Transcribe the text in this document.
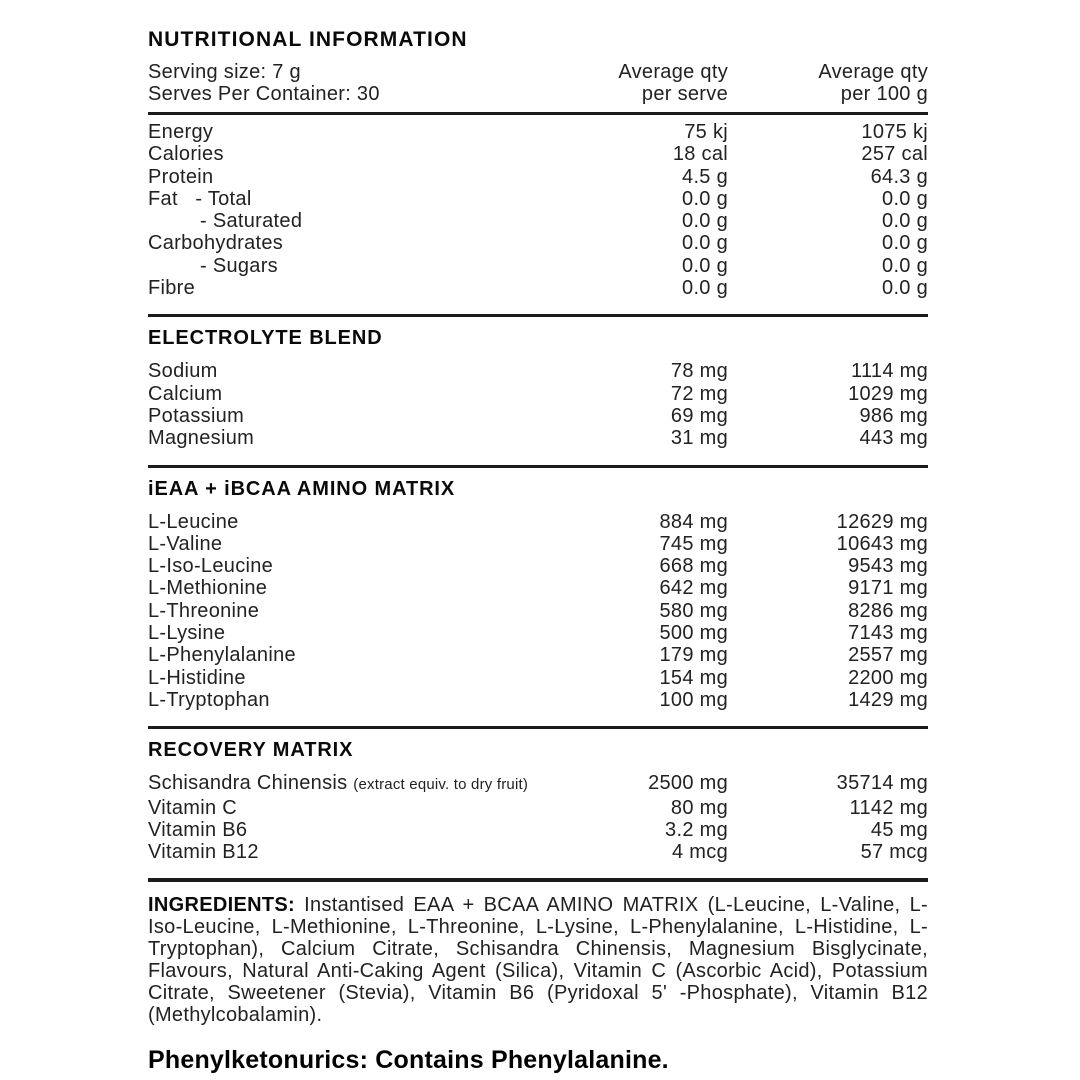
NUTRITIONAL INFORMATION
Serving size: 7 g
Serves Per Container: 30
Average qty
per serve
Average qty
per 100 g
Energy	75 kj	1075 kj
Calories	18 cal	257 cal
Protein	4.5 g	64.3 g
Fat   - Total	0.0 g	0.0 g
- Saturated	0.0 g	0.0 g
Carbohydrates	0.0 g	0.0 g
- Sugars	0.0 g	0.0 g
Fibre	0.0 g	0.0 g
ELECTROLYTE BLEND
Sodium	78 mg	1114 mg
Calcium	72 mg	1029 mg
Potassium	69 mg	986 mg
Magnesium	31 mg	443 mg
iEAA + iBCAA AMINO MATRIX
L-Leucine	884 mg	12629 mg
L-Valine	745 mg	10643 mg
L-Iso-Leucine	668 mg	9543 mg
L-Methionine	642 mg	9171 mg
L-Threonine	580 mg	8286 mg
L-Lysine	500 mg	7143 mg
L-Phenylalanine	179 mg	2557 mg
L-Histidine	154 mg	2200 mg
L-Tryptophan	100 mg	1429 mg
RECOVERY MATRIX
Schisandra Chinensis (extract equiv. to dry fruit)	2500 mg	35714 mg
Vitamin C	80 mg	1142 mg
Vitamin B6	3.2 mg	45 mg
Vitamin B12	4 mcg	57 mcg

INGREDIENTS: Instantised EAA + BCAA AMINO MATRIX (L-Leucine, L-Valine, L-Iso-Leucine, L-Methionine, L-Threonine, L-Lysine, L-Phenylalanine, L-Histidine, L-Tryptophan), Calcium Citrate, Schisandra Chinensis, Magnesium Bisglycinate, Flavours, Natural Anti-Caking Agent (Silica), Vitamin C (Ascorbic Acid), Potassium Citrate, Sweetener (Stevia), Vitamin B6 (Pyridoxal 5' -Phosphate), Vitamin B12 (Methylcobalamin).

Phenylketonurics: Contains Phenylalanine.
